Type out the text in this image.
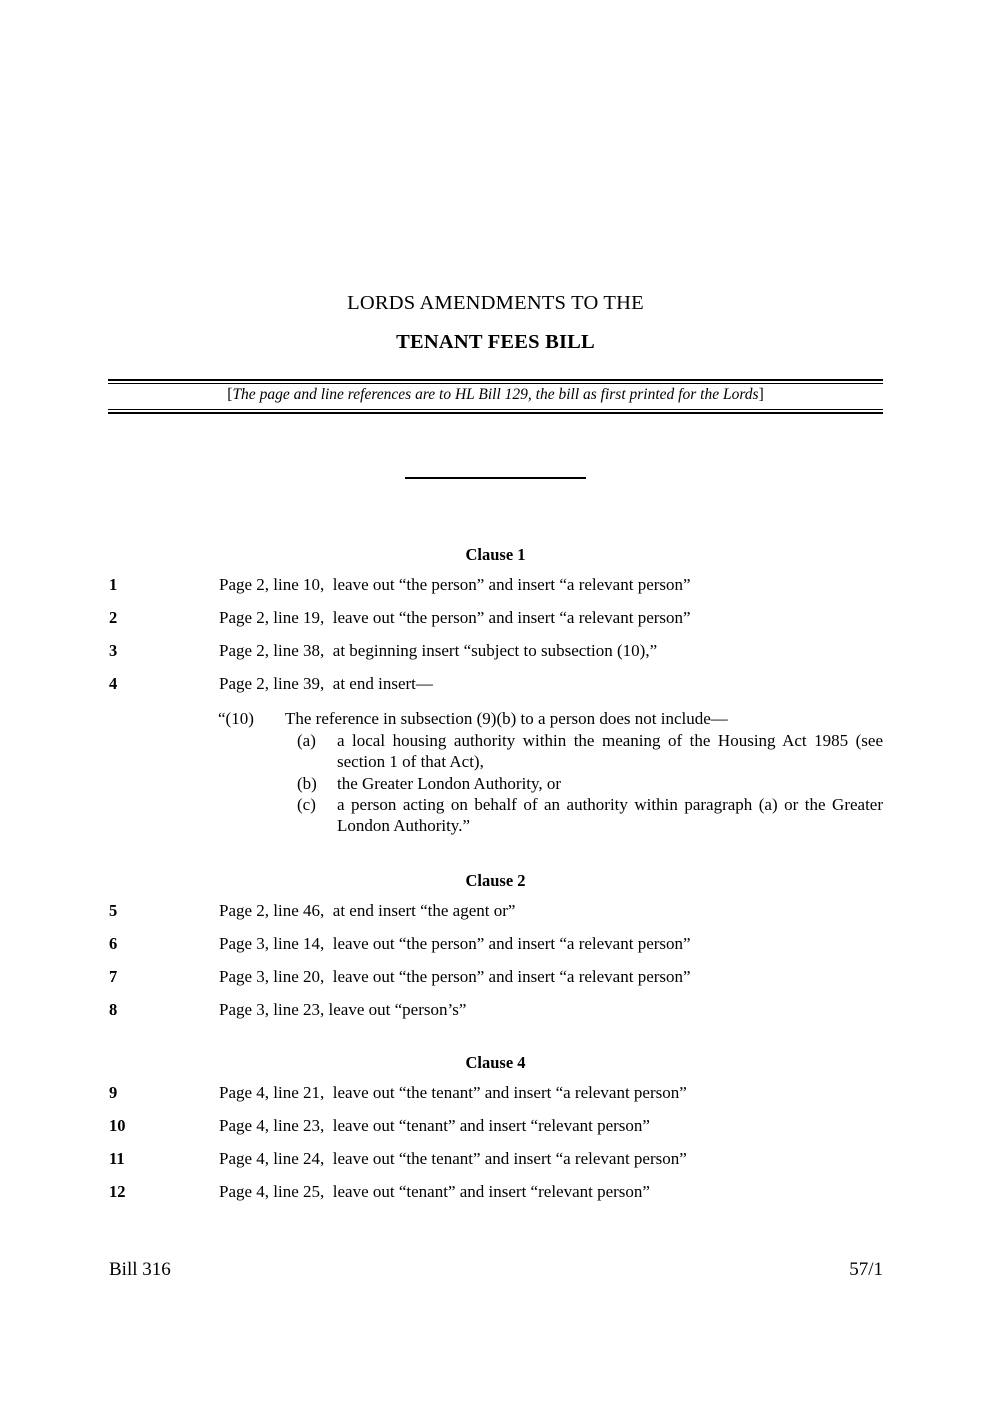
LORDS AMENDMENTS TO THE
TENANT FEES BILL
[The page and line references are to HL Bill 129, the bill as first printed for the Lords]
Clause 1
1	Page 2, line 10,  leave out “the person” and insert “a relevant person”
2	Page 2, line 19,  leave out “the person” and insert “a relevant person”
3	Page 2, line 38,  at beginning insert “subject to subsection (10),”
4	Page 2, line 39,  at end insert—
“(10) The reference in subsection (9)(b) to a person does not include—
(a) a local housing authority within the meaning of the Housing Act 1985 (see section 1 of that Act),
(b) the Greater London Authority, or
(c) a person acting on behalf of an authority within paragraph (a) or the Greater London Authority.”
Clause 2
5	Page 2, line 46,  at end insert “the agent or”
6	Page 3, line 14,  leave out “the person” and insert “a relevant person”
7	Page 3, line 20,  leave out “the person” and insert “a relevant person”
8	Page 3, line 23, leave out “person’s”
Clause 4
9	Page 4, line 21,  leave out “the tenant” and insert “a relevant person”
10	Page 4, line 23,  leave out “tenant” and insert “relevant person”
11	Page 4, line 24,  leave out “the tenant” and insert “a relevant person”
12	Page 4, line 25,  leave out “tenant” and insert “relevant person”
Bill 316	57/1
